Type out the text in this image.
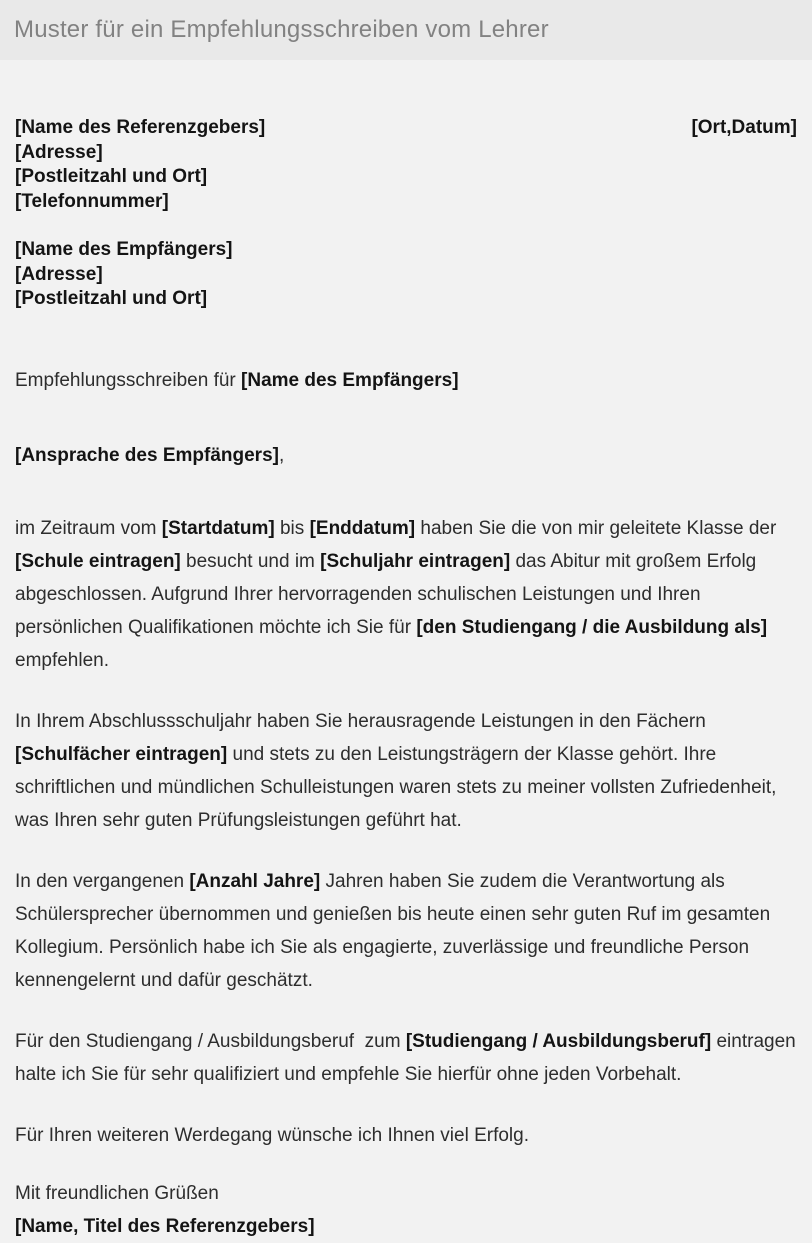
Muster für ein Empfehlungsschreiben vom Lehrer
[Name des Referenzgebers]	[Ort,Datum]
[Adresse]
[Postleitzahl und Ort]
[Telefonnummer]
[Name des Empfängers]
[Adresse]
[Postleitzahl und Ort]

Empfehlungsschreiben für [Name des Empfängers]

[Ansprache des Empfängers],

im Zeitraum vom [Startdatum] bis [Enddatum] haben Sie die von mir geleitete Klasse der [Schule eintragen] besucht und im [Schuljahr eintragen] das Abitur mit großem Erfolg abgeschlossen. Aufgrund Ihrer hervorragenden schulischen Leistungen und Ihren persönlichen Qualifikationen möchte ich Sie für [den Studiengang / die Ausbildung als] empfehlen.

In Ihrem Abschlussschuljahr haben Sie herausragende Leistungen in den Fächern [Schulfächer eintragen] und stets zu den Leistungsträgern der Klasse gehört. Ihre schriftlichen und mündlichen Schulleistungen waren stets zu meiner vollsten Zufriedenheit, was Ihren sehr guten Prüfungsleistungen geführt hat.

In den vergangenen [Anzahl Jahre] Jahren haben Sie zudem die Verantwortung als Schülersprecher übernommen und genießen bis heute einen sehr guten Ruf im gesamten Kollegium. Persönlich habe ich Sie als engagierte, zuverlässige und freundliche Person kennengelernt und dafür geschätzt.

Für den Studiengang / Ausbildungsberuf  zum [Studiengang / Ausbildungsberuf] eintragen halte ich Sie für sehr qualifiziert und empfehle Sie hierfür ohne jeden Vorbehalt.

Für Ihren weiteren Werdegang wünsche ich Ihnen viel Erfolg.

Mit freundlichen Grüßen

[Name, Titel des Referenzgebers]
